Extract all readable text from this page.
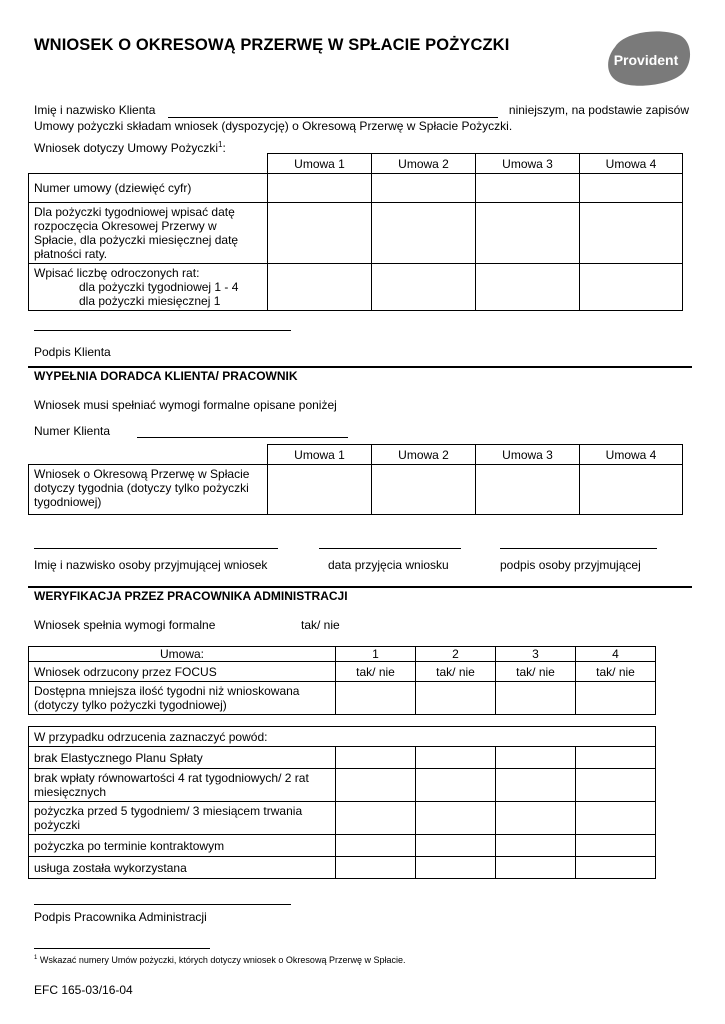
WNIOSEK O OKRESOWĄ PRZERWĘ W SPŁACIE POŻYCZKI
Provident
Imię i nazwisko Klienta	niniejszym, na podstawie zapisów
Umowy pożyczki składam wniosek (dyspozycję) o Okresową Przerwę w Spłacie Pożyczki.
Wniosek dotyczy Umowy Pożyczki$^1$:
	Umowa 1	Umowa 2	Umowa 3	Umowa 4
Numer umowy (dziewięć cyfr)				
Dla pożyczki tygodniowej wpisać datę rozpoczęcia Okresowej Przerwy w Spłacie, dla pożyczki miesięcznej datę płatności raty.				
Wpisać liczbę odroczonych rat:
dla pożyczki tygodniowej 1 - 4
dla pożyczki miesięcznej 1				

Podpis Klienta
WYPEŁNIA DORADCA KLIENTA/ PRACOWNIK
Wniosek musi spełniać wymogi formalne opisane poniżej
Numer Klienta
	Umowa 1	Umowa 2	Umowa 3	Umowa 4
Wniosek o Okresową Przerwę w Spłacie dotyczy tygodnia (dotyczy tylko pożyczki tygodniowej)				
Imię i nazwisko osoby przyjmującej wniosek	data przyjęcia wniosku	podpis osoby przyjmującej
WERYFIKACJA PRZEZ PRACOWNIKA ADMINISTRACJI
Wniosek spełnia wymogi formalne	tak/ nie
Umowa:	1	2	3	4
Wniosek odrzucony przez FOCUS	tak/ nie	tak/ nie	tak/ nie	tak/ nie
Dostępna mniejsza ilość tygodni niż wnioskowana (dotyczy tylko pożyczki tygodniowej)				
W przypadku odrzucenia zaznaczyć powód:				
brak Elastycznego Planu Spłaty				
brak wpłaty równowartości 4 rat tygodniowych/ 2 rat miesięcznych				
pożyczka przed 5 tygodniem/ 3 miesiącem trwania pożyczki				
pożyczka po terminie kontraktowym				
usługa została wykorzystana				
Podpis Pracownika Administracji
$^1$ Wskazać numery Umów pożyczki, których dotyczy wniosek o Okresową Przerwę w Spłacie.
EFC 165-03/16-04
